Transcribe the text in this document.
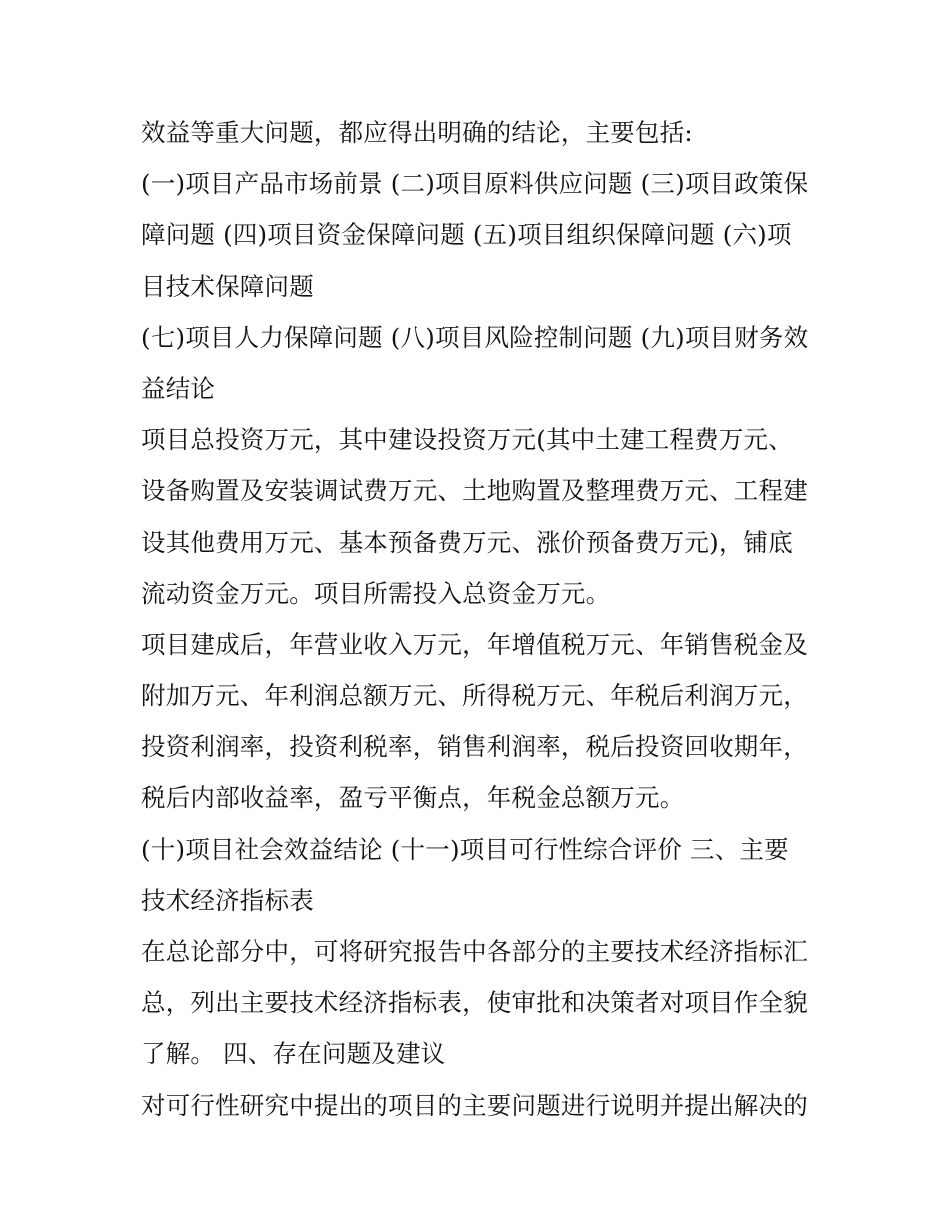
效益等重大问题，都应得出明确的结论，主要包括:
(一)项目产品市场前景 (二)项目原料供应问题 (三)项目政策保
障问题 (四)项目资金保障问题 (五)项目组织保障问题 (六)项
目技术保障问题
(七)项目人力保障问题 (八)项目风险控制问题 (九)项目财务效
益结论
项目总投资万元，其中建设投资万元(其中土建工程费万元、
设备购置及安装调试费万元、土地购置及整理费万元、工程建
设其他费用万元、基本预备费万元、涨价预备费万元)，铺底
流动资金万元。项目所需投入总资金万元。
项目建成后，年营业收入万元，年增值税万元、年销售税金及
附加万元、年利润总额万元、所得税万元、年税后利润万元，
投资利润率，投资利税率，销售利润率，税后投资回收期年，
税后内部收益率，盈亏平衡点，年税金总额万元。
(十)项目社会效益结论 (十一)项目可行性综合评价 三、主要
技术经济指标表
在总论部分中，可将研究报告中各部分的主要技术经济指标汇
总，列出主要技术经济指标表，使审批和决策者对项目作全貌
了解。 四、存在问题及建议
对可行性研究中提出的项目的主要问题进行说明并提出解决的
